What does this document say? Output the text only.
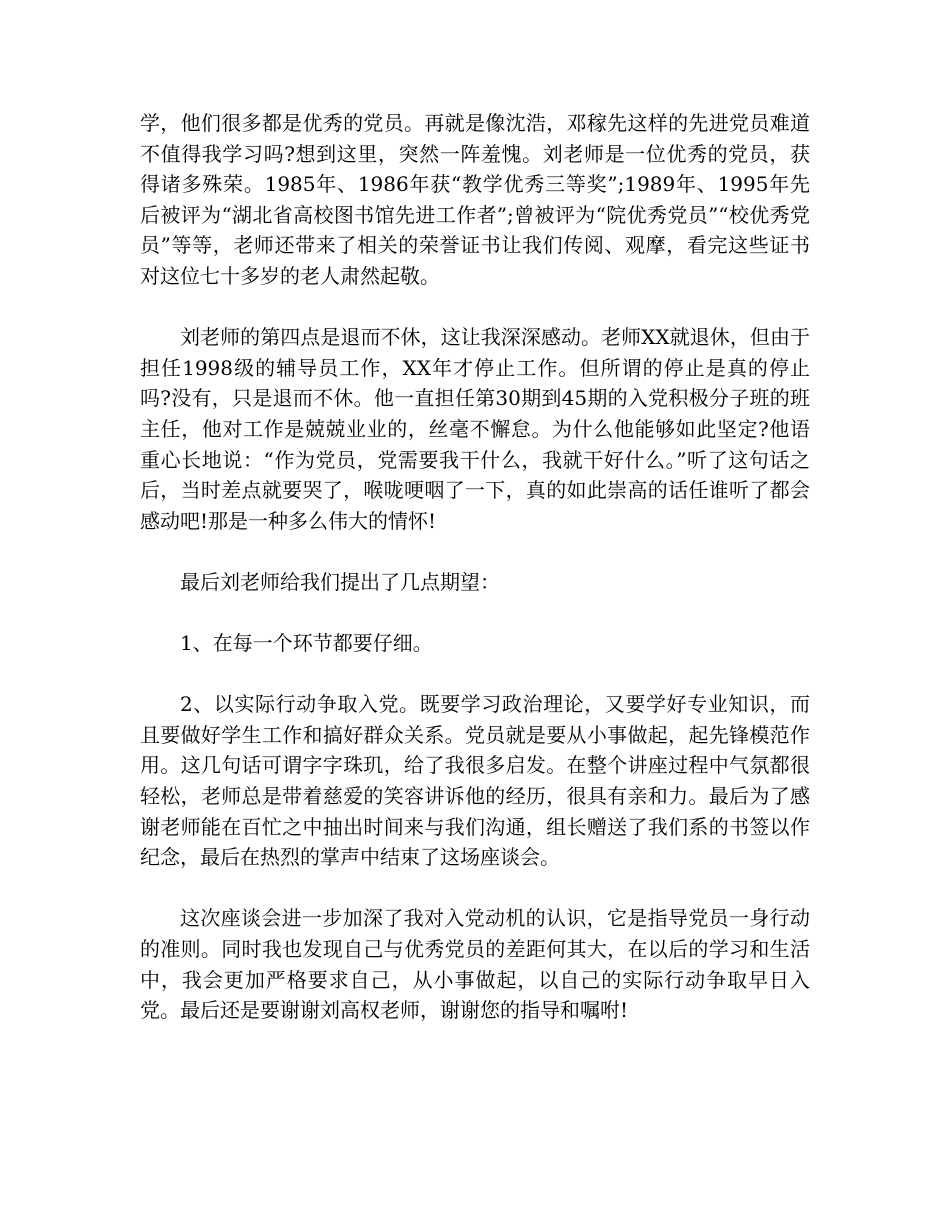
学，他们很多都是优秀的党员。再就是像沈浩，邓稼先这样的先进党员难道不值得我学习吗?想到这里，突然一阵羞愧。刘老师是一位优秀的党员，获得诸多殊荣。1985年、1986年获“教学优秀三等奖”;1989年、1995年先后被评为“湖北省高校图书馆先进工作者”;曾被评为“院优秀党员”“校优秀党员”等等，老师还带来了相关的荣誉证书让我们传阅、观摩，看完这些证书对这位七十多岁的老人肃然起敬。

刘老师的第四点是退而不休，这让我深深感动。老师XX就退休，但由于担任1998级的辅导员工作，XX年才停止工作。但所谓的停止是真的停止吗?没有，只是退而不休。他一直担任第30期到45期的入党积极分子班的班主任，他对工作是兢兢业业的，丝毫不懈怠。为什么他能够如此坚定?他语重心长地说：“作为党员，党需要我干什么，我就干好什么。”听了这句话之后，当时差点就要哭了，喉咙哽咽了一下，真的如此崇高的话任谁听了都会感动吧!那是一种多么伟大的情怀!

最后刘老师给我们提出了几点期望：

1、在每一个环节都要仔细。

2、以实际行动争取入党。既要学习政治理论，又要学好专业知识，而且要做好学生工作和搞好群众关系。党员就是要从小事做起，起先锋模范作用。这几句话可谓字字珠玑，给了我很多启发。在整个讲座过程中气氛都很轻松，老师总是带着慈爱的笑容讲诉他的经历，很具有亲和力。最后为了感谢老师能在百忙之中抽出时间来与我们沟通，组长赠送了我们系的书签以作纪念，最后在热烈的掌声中结束了这场座谈会。

这次座谈会进一步加深了我对入党动机的认识，它是指导党员一身行动的准则。同时我也发现自己与优秀党员的差距何其大，在以后的学习和生活中，我会更加严格要求自己，从小事做起，以自己的实际行动争取早日入党。最后还是要谢谢刘高权老师，谢谢您的指导和嘱咐!
